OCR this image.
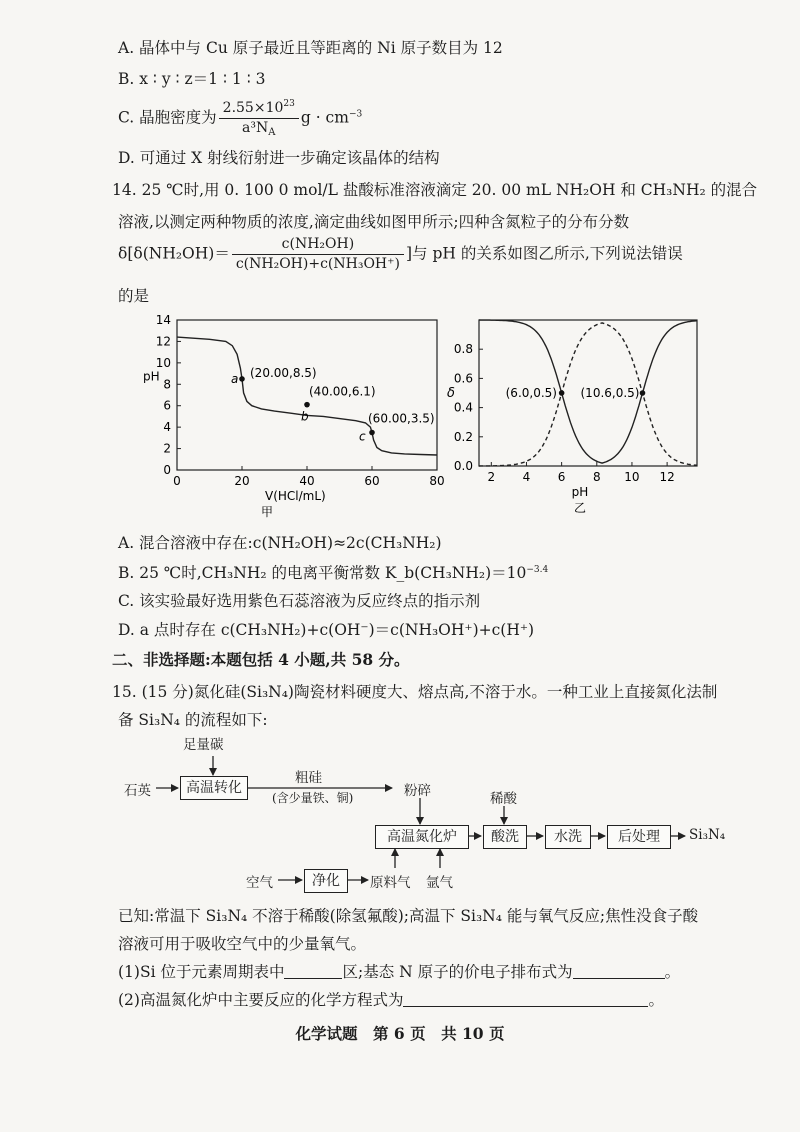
A. 晶体中与 Cu 原子最近且等距离的 Ni 原子数目为 12
B. x ∶ y ∶ z＝1 ∶ 1 ∶ 3
C. 晶胞密度为 $\frac{2.55\times 10^{23}}{a^3N_A}$ $g \cdot cm^{-3}$
D. 可通过 X 射线衍射进一步确定该晶体的结构
14. 25 ℃时,用 0. 100 0 mol/L 盐酸标准溶液滴定 20. 00 mL NH₂OH 和 CH₃NH₂ 的混合
溶液,以测定两种物质的浓度,滴定曲线如图甲所示;四种含氮粒子的分布分数
$\delta[\delta(NH_2OH)= \frac{\text{c(NH₂OH)}}{\text{c(NH₂OH)+c(NH₃OH⁺)}}$ ]与 pH 的关系如图乙所示,下列说法错误
的是
0	20	40	60	80
0
2
4
6
8
10
12
14
pH
V(HCl/mL)
甲
a (20.00,8.5)
b
(40.00,6.1)
c
(60.00,3.5)
2 4 6 8 10 12
0.0
0.2
0.4
0.6
0.8
δ
pH
乙
(6.0,0.5) (10.6,0.5)
A. 混合溶液中存在:c(NH₂OH)≈2c(CH₃NH₂)
B. 25 ℃时,CH₃NH₂ 的电离平衡常数 $K\_b(CH_3NH_2)=10^{-3.4}$
C. 该实验最好选用紫色石蕊溶液为反应终点的指示剂
D. a 点时存在 c(CH₃NH₂)+c(OH⁻)＝c(NH₃OH⁺)+c(H⁺)
二、非选择题:本题包括 4 小题,共 58 分。
15. (15 分)氮化硅(Si₃N₄)陶瓷材料硬度大、熔点高,不溶于水。一种工业上直接氮化法制
备 Si₃N₄ 的流程如下:
足量碳
石英	高温转化
粗硅
(含少量铁、铜)	粉碎	稀酸
高温氮化炉	酸洗	水洗	后处理	Si₃N₄
空气	净化	原料气 氩气
已知:常温下 Si₃N₄ 不溶于稀酸(除氢氟酸);高温下 Si₃N₄ 能与氧气反应;焦性没食子酸
溶液可用于吸收空气中的少量氧气。
(1)Si 位于元素周期表中	区;基态 N 原子的价电子排布式为	。
(2)高温氮化炉中主要反应的化学方程式为	。
化学试题　第 6 页　共 10 页
